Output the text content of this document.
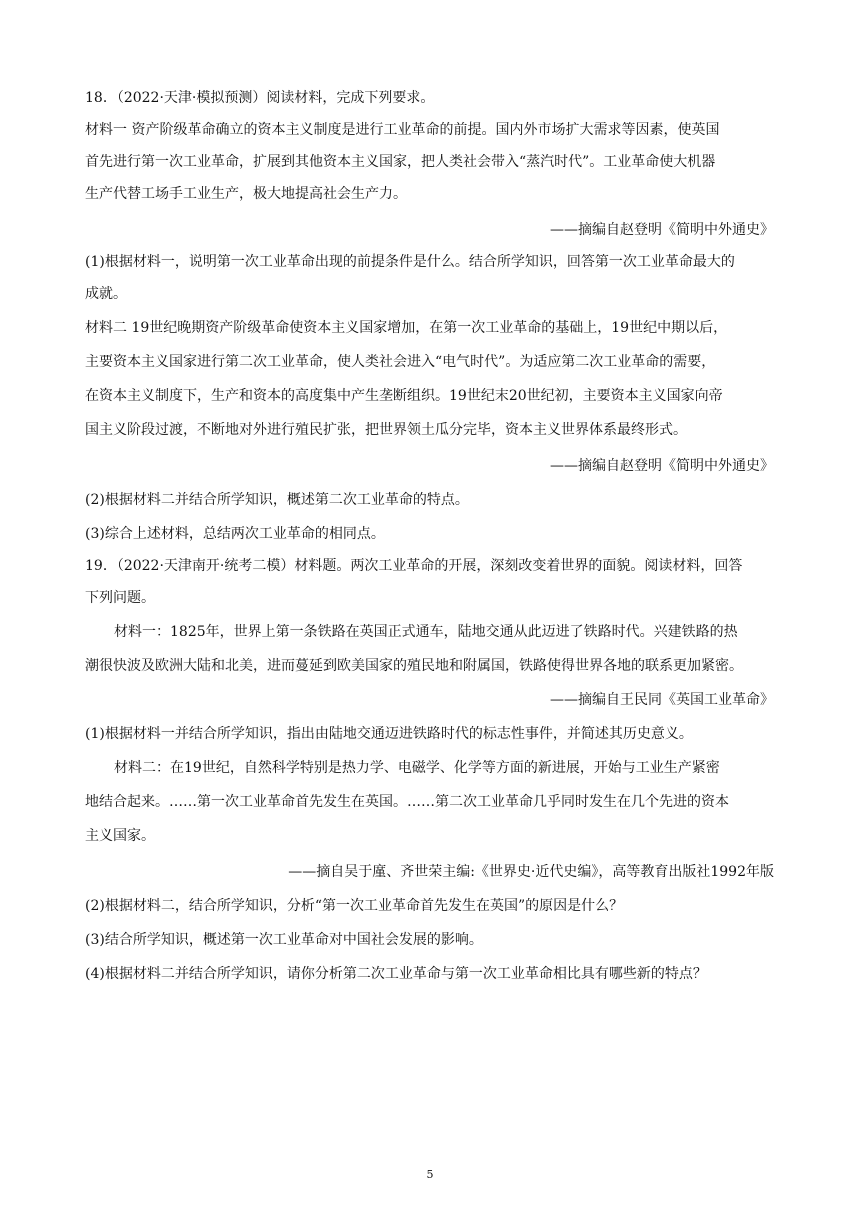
18．（2022·天津·模拟预测）阅读材料，完成下列要求。
材料一 资产阶级革命确立的资本主义制度是进行工业革命的前提。国内外市场扩大需求等因素，使英国
首先进行第一次工业革命，扩展到其他资本主义国家，把人类社会带入“蒸汽时代”。工业革命使大机器
生产代替工场手工业生产，极大地提高社会生产力。
——摘编自赵登明《简明中外通史》
(1)根据材料一，说明第一次工业革命出现的前提条件是什么。结合所学知识，回答第一次工业革命最大的
成就。
材料二 19世纪晚期资产阶级革命使资本主义国家增加，在第一次工业革命的基础上，19世纪中期以后，
主要资本主义国家进行第二次工业革命，使人类社会进入“电气时代”。为适应第二次工业革命的需要，
在资本主义制度下，生产和资本的高度集中产生垄断组织。19世纪末20世纪初，主要资本主义国家向帝
国主义阶段过渡，不断地对外进行殖民扩张，把世界领土瓜分完毕，资本主义世界体系最终形式。
——摘编自赵登明《简明中外通史》
(2)根据材料二并结合所学知识，概述第二次工业革命的特点。
(3)综合上述材料，总结两次工业革命的相同点。
19．（2022·天津南开·统考二模）材料题。两次工业革命的开展，深刻改变着世界的面貌。阅读材料，回答
下列问题。
材料一：1825年，世界上第一条铁路在英国正式通车，陆地交通从此迈进了铁路时代。兴建铁路的热
潮很快波及欧洲大陆和北美，进而蔓延到欧美国家的殖民地和附属国，铁路使得世界各地的联系更加紧密。
——摘编自王民同《英国工业革命》
(1)根据材料一并结合所学知识，指出由陆地交通迈进铁路时代的标志性事件，并简述其历史意义。
材料二：在19世纪，自然科学特别是热力学、电磁学、化学等方面的新进展，开始与工业生产紧密
地结合起来。……第一次工业革命首先发生在英国。……第二次工业革命几乎同时发生在几个先进的资本
主义国家。
——摘自吴于廑、齐世荣主编:《世界史·近代史编》，高等教育出版社1992年版
(2)根据材料二，结合所学知识，分析“第一次工业革命首先发生在英国”的原因是什么？
(3)结合所学知识，概述第一次工业革命对中国社会发展的影响。
(4)根据材料二并结合所学知识，请你分析第二次工业革命与第一次工业革命相比具有哪些新的特点？
5
